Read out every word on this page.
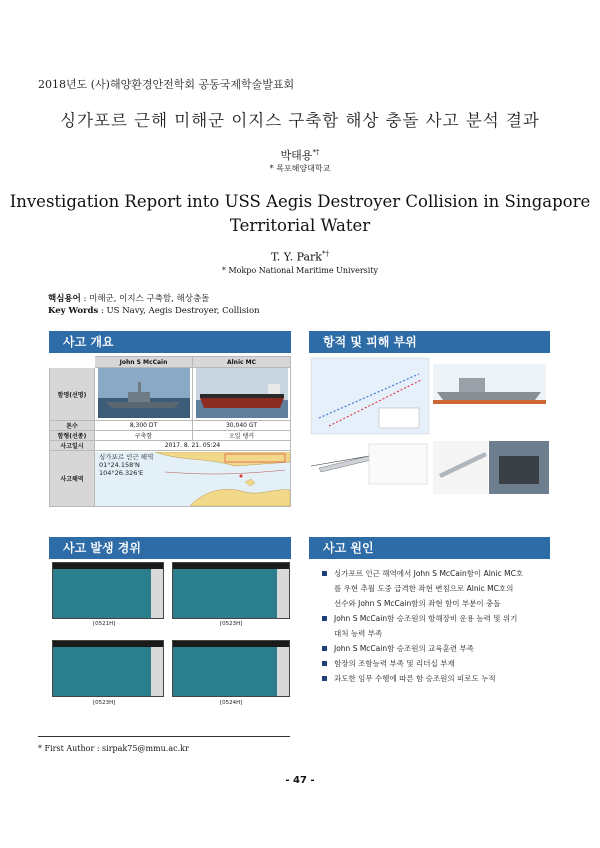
2018년도 (사)해양환경안전학회 공동국제학술발표회
싱가포르 근해 미해군 이지스 구축함 해상 충돌 사고 분석 결과
박태용*†
* 목포해양대학교
Investigation Report into USS Aegis Destroyer Collision in Singapore
Territorial Water
T. Y. Park*†
* Mokpo National Maritime University
핵심용어 : 미해군, 이지스 구축함, 해상충돌
Key Words : US Navy, Aegis Destroyer, Collision
사고 개요
	John S McCain	Alnic MC
함명(선명)		
톤수	8,300 DT	30,040 GT
함형(선종)	구축함	오일 탱커
사고일시	2017. 8. 21. 05:24	
사고해역	싱가포르 인근 해역
01°24.158'N
104°26.326'E	
항적 및 피해 부위
사고 발생 경위
[0521H]	[0523H]
[0523H]	[0524H]
사고 원인
싱가포르 인근 해역에서 John S McCain함이 Alnic MC호
를 우현 추월 도중 급격한 좌현 변침으로 Alnic MC호의
선수와 John S McCain함의 좌현 함미 부분이 충돌
John S McCain함 승조원의 항해장비 운용 능력 및 위기
대처 능력 부족
John S McCain함 승조원의 교육훈련 부족
함장의 조함능력 부족 및 리더십 부재
과도한 임무 수행에 따른 함 승조원의 피로도 누적
* First Author : sirpak75@mmu.ac.kr
- 47 -
